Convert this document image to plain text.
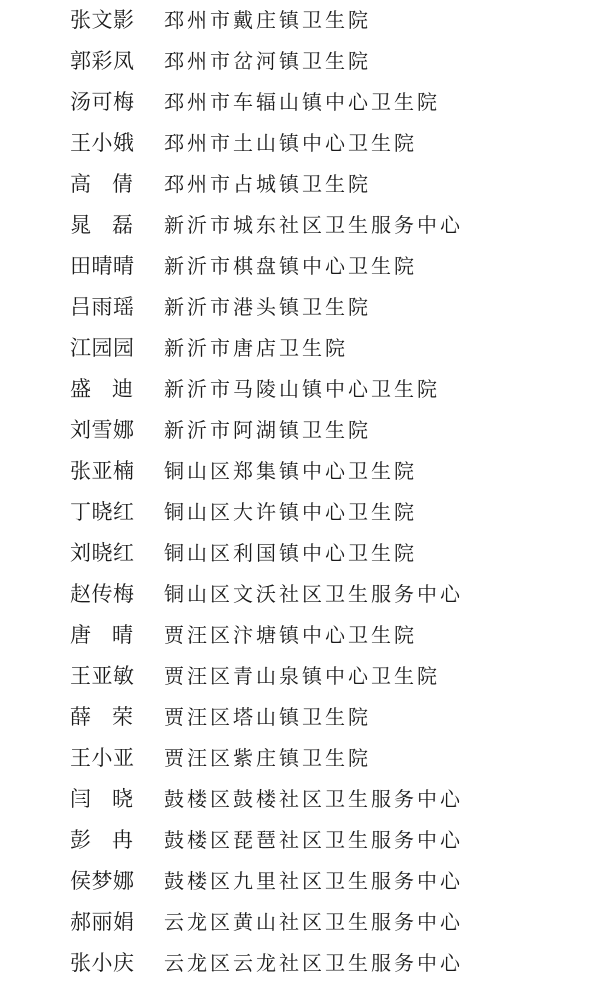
张文影 邳州市戴庄镇卫生院
郭彩凤 邳州市岔河镇卫生院
汤可梅 邳州市车辐山镇中心卫生院
王小娥 邳州市土山镇中心卫生院
高倩 邳州市占城镇卫生院
晁磊 新沂市城东社区卫生服务中心
田晴晴 新沂市棋盘镇中心卫生院
吕雨瑶 新沂市港头镇卫生院
江园园 新沂市唐店卫生院
盛迪 新沂市马陵山镇中心卫生院
刘雪娜 新沂市阿湖镇卫生院
张亚楠 铜山区郑集镇中心卫生院
丁晓红 铜山区大许镇中心卫生院
刘晓红 铜山区利国镇中心卫生院
赵传梅 铜山区文沃社区卫生服务中心
唐晴 贾汪区汴塘镇中心卫生院
王亚敏 贾汪区青山泉镇中心卫生院
薛荣 贾汪区塔山镇卫生院
王小亚 贾汪区紫庄镇卫生院
闫晓 鼓楼区鼓楼社区卫生服务中心
彭冉 鼓楼区琵琶社区卫生服务中心
侯梦娜 鼓楼区九里社区卫生服务中心
郝丽娟 云龙区黄山社区卫生服务中心
张小庆 云龙区云龙社区卫生服务中心
